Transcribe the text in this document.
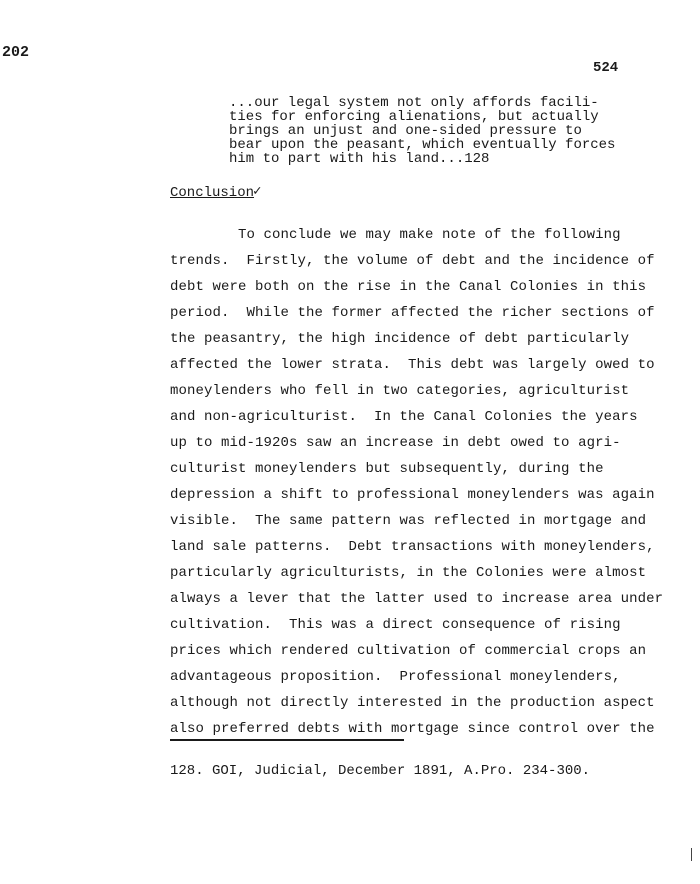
202
524
...our legal system not only affords facili-
ties for enforcing alienations, but actually
brings an unjust and one-sided pressure to
bear upon the peasant, which eventually forces
him to part with his land...128
Conclusion
✓
To conclude we may make note of the following
trends.  Firstly, the volume of debt and the incidence of
debt were both on the rise in the Canal Colonies in this
period.  While the former affected the richer sections of
the peasantry, the high incidence of debt particularly
affected the lower strata.  This debt was largely owed to
moneylenders who fell in two categories, agriculturist
and non-agriculturist.  In the Canal Colonies the years
up to mid-1920s saw an increase in debt owed to agri-
culturist moneylenders but subsequently, during the
depression a shift to professional moneylenders was again
visible.  The same pattern was reflected in mortgage and
land sale patterns.  Debt transactions with moneylenders,
particularly agriculturists, in the Colonies were almost
always a lever that the latter used to increase area under
cultivation.  This was a direct consequence of rising
prices which rendered cultivation of commercial crops an
advantageous proposition.  Professional moneylenders,
although not directly interested in the production aspect
also preferred debts with mortgage since control over the
128. GOI, Judicial, December 1891, A.Pro. 234-300.
